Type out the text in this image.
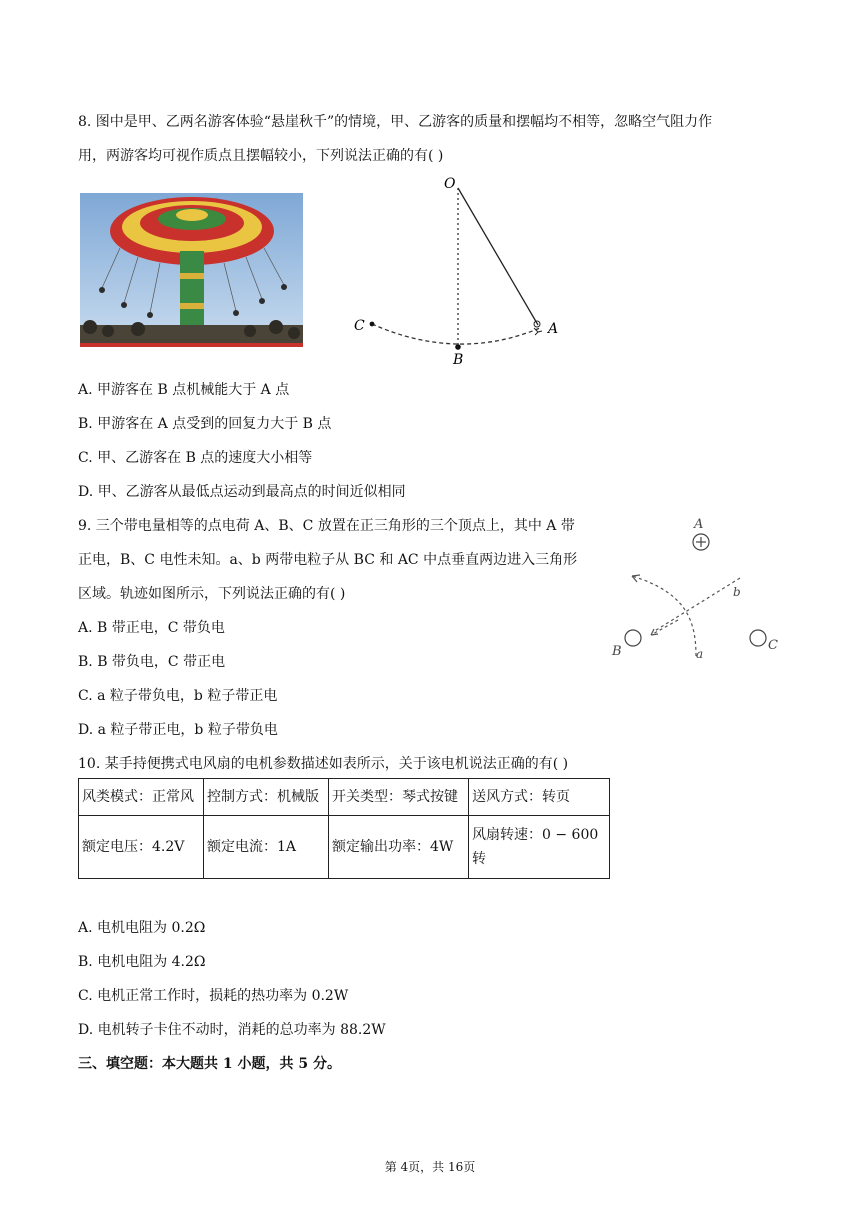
8. 图中是甲、乙两名游客体验“悬崖秋千”的情境，甲、乙游客的质量和摆幅均不相等，忽略空气阻力作
用，两游客均可视作质点且摆幅较小，下列说法正确的有( )
O
A
B
C
A. 甲游客在 B 点机械能大于 A 点
B. 甲游客在 A 点受到的回复力大于 B 点
C. 甲、乙游客在 B 点的速度大小相等
D. 甲、乙游客从最低点运动到最高点的时间近似相同
9. 三个带电量相等的点电荷 A、B、C 放置在正三角形的三个顶点上，其中 A 带
正电，B、C 电性未知。a、b 两带电粒子从 BC 和 AC 中点垂直两边进入三角形
区域。轨迹如图所示，下列说法正确的有( )
A
B	C
a
b
A. B 带正电，C 带负电
B. B 带负电，C 带正电
C. a 粒子带负电，b 粒子带正电
D. a 粒子带正电，b 粒子带负电
10. 某手持便携式电风扇的电机参数描述如表所示，关于该电机说法正确的有( )
风类模式：正常风	控制方式：机械版	开关类型：琴式按键	送风方式：转页
额定电压：4.2V	额定电流：1A	额定输出功率：4W	风扇转速：0 − 600 转
A. 电机电阻为 0.2Ω
B. 电机电阻为 4.2Ω
C. 电机正常工作时，损耗的热功率为 0.2W
D. 电机转子卡住不动时，消耗的总功率为 88.2W
三、填空题：本大题共 1 小题，共 5 分。
第 4页，共 16页
